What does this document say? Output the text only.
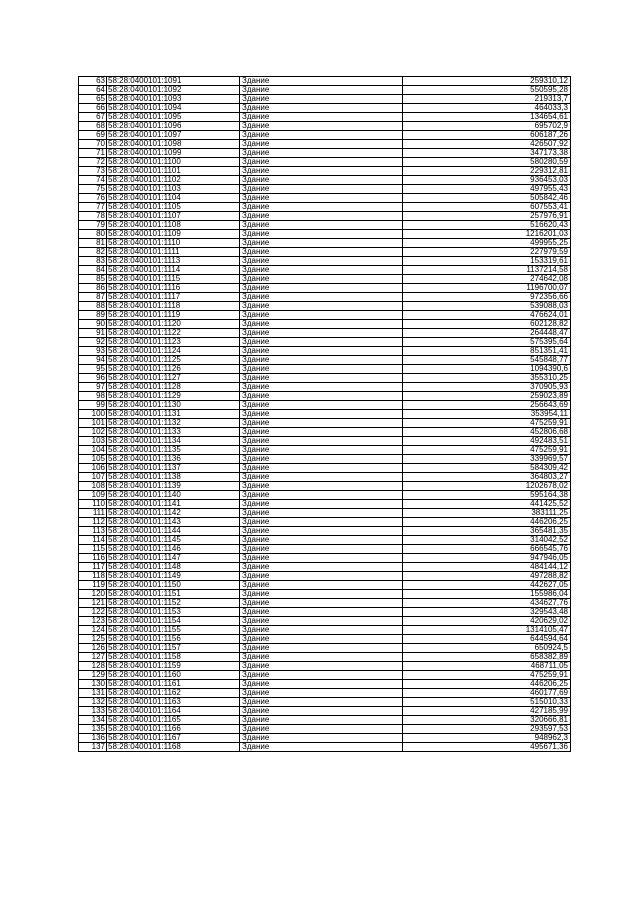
63	58:28:0400101:1091	Здание	259310,12
64	58:28:0400101:1092	Здание	550595,28
65	58:28:0400101:1093	Здание	219313,7
66	58:28:0400101:1094	Здание	464033,3
67	58:28:0400101:1095	Здание	134654,61
68	58:28:0400101:1096	Здание	695702,9
69	58:28:0400101:1097	Здание	606187,26
70	58:28:0400101:1098	Здание	426507,92
71	58:28:0400101:1099	Здание	347173,38
72	58:28:0400101:1100	Здание	580280,59
73	58:28:0400101:1101	Здание	229312,81
74	58:28:0400101:1102	Здание	936453,03
75	58:28:0400101:1103	Здание	497955,43
76	58:28:0400101:1104	Здание	505842,46
77	58:28:0400101:1105	Здание	607553,41
78	58:28:0400101:1107	Здание	257976,91
79	58:28:0400101:1108	Здание	516620,43
80	58:28:0400101:1109	Здание	1216201,03
81	58:28:0400101:1110	Здание	499955,25
82	58:28:0400101:1111	Здание	227979,59
83	58:28:0400101:1113	Здание	153319,61
84	58:28:0400101:1114	Здание	1137214,58
85	58:28:0400101:1115	Здание	274642,08
86	58:28:0400101:1116	Здание	1196700,07
87	58:28:0400101:1117	Здание	972356,66
88	58:28:0400101:1118	Здание	539088,03
89	58:28:0400101:1119	Здание	476624,01
90	58:28:0400101:1120	Здание	602128,82
91	58:28:0400101:1122	Здание	264448,47
92	58:28:0400101:1123	Здание	575395,64
93	58:28:0400101:1124	Здание	851351,41
94	58:28:0400101:1125	Здание	545848,77
95	58:28:0400101:1126	Здание	1094390,6
96	58:28:0400101:1127	Здание	355310,25
97	58:28:0400101:1128	Здание	370905,93
98	58:28:0400101:1129	Здание	259023,89
99	58:28:0400101:1130	Здание	256643,69
100	58:28:0400101:1131	Здание	353954,11
101	58:28:0400101:1132	Здание	475259,91
102	58:28:0400101:1133	Здание	452806,68
103	58:28:0400101:1134	Здание	492483,51
104	58:28:0400101:1135	Здание	475259,91
105	58:28:0400101:1136	Здание	339969,57
106	58:28:0400101:1137	Здание	584309,42
107	58:28:0400101:1138	Здание	364803,27
108	58:28:0400101:1139	Здание	1202678,02
109	58:28:0400101:1140	Здание	595164,38
110	58:28:0400101:1141	Здание	441425,52
111	58:28:0400101:1142	Здание	383111,25
112	58:28:0400101:1143	Здание	446206,25
113	58:28:0400101:1144	Здание	365481,35
114	58:28:0400101:1145	Здание	314042,52
115	58:28:0400101:1146	Здание	666545,76
116	58:28:0400101:1147	Здание	947946,05
117	58:28:0400101:1148	Здание	484144,12
118	58:28:0400101:1149	Здание	497288,82
119	58:28:0400101:1150	Здание	442627,05
120	58:28:0400101:1151	Здание	155986,04
121	58:28:0400101:1152	Здание	434627,76
122	58:28:0400101:1153	Здание	329543,48
123	58:28:0400101:1154	Здание	420629,02
124	58:28:0400101:1155	Здание	1314105,47
125	58:28:0400101:1156	Здание	644594,64
126	58:28:0400101:1157	Здание	650924,5
127	58:28:0400101:1158	Здание	658382,89
128	58:28:0400101:1159	Здание	468711,05
129	58:28:0400101:1160	Здание	475259,91
130	58:28:0400101:1161	Здание	446206,25
131	58:28:0400101:1162	Здание	460177,69
132	58:28:0400101:1163	Здание	515010,33
133	58:28:0400101:1164	Здание	427185,99
134	58:28:0400101:1165	Здание	320666,81
135	58:28:0400101:1166	Здание	293597,53
136	58:28:0400101:1167	Здание	948962,3
137	58:28:0400101:1168	Здание	495671,36
